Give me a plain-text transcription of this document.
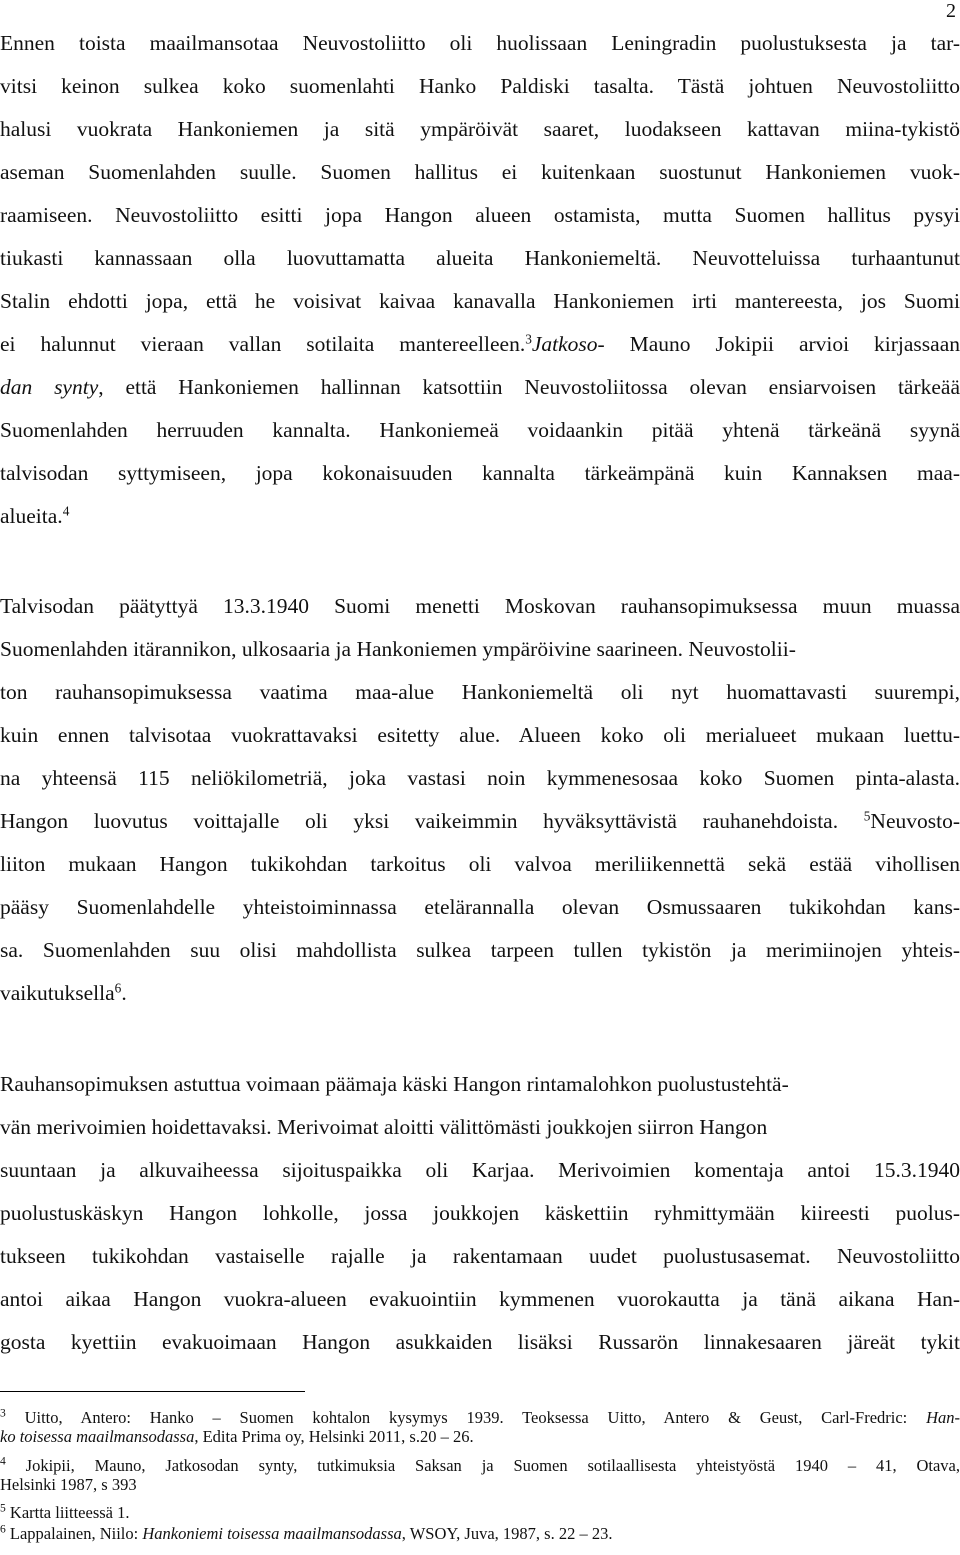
2
Ennen toista maailmansotaa Neuvostoliitto oli huolissaan Leningradin puolustuksesta ja tar-
vitsi keinon sulkea koko suomenlahti Hanko Paldiski tasalta. Tästä johtuen Neuvostoliitto
halusi vuokrata Hankoniemen ja sitä ympäröivät saaret, luodakseen kattavan miina-tykistö
aseman Suomenlahden suulle. Suomen hallitus ei kuitenkaan suostunut Hankoniemen vuok-
raamiseen. Neuvostoliitto esitti jopa Hangon alueen ostamista, mutta Suomen hallitus pysyi
tiukasti kannassaan olla luovuttamatta alueita Hankoniemeltä. Neuvotteluissa turhaantunut
Stalin ehdotti jopa, että he voisivat kaivaa kanavalla Hankoniemen irti mantereesta, jos Suomi
ei halunnut vieraan vallan sotilaita mantereelleen.$^3$Jatkoso- Mauno Jokipii arvioi kirjassaan
dan synty, että Hankoniemen hallinnan katsottiin Neuvostoliitossa olevan ensiarvoisen tärkeää
Suomenlahden herruuden kannalta. Hankoniemeä voidaankin pitää yhtenä tärkeänä syynä
talvisodan syttymiseen, jopa kokonaisuuden kannalta tärkeämpänä kuin Kannaksen maa-
alueita.$^4$
Talvisodan päätyttyä 13.3.1940 Suomi menetti Moskovan rauhansopimuksessa muun muassa
Suomenlahden itärannikon, ulkosaaria ja Hankoniemen ympäröivine saarineen. Neuvostolii-
ton rauhansopimuksessa vaatima maa-alue Hankoniemeltä oli nyt huomattavasti suurempi,
kuin ennen talvisotaa vuokrattavaksi esitetty alue. Alueen koko oli merialueet mukaan luettu-
na yhteensä 115 neliökilometriä, joka vastasi noin kymmenesosaa koko Suomen pinta-alasta.
Hangon luovutus voittajalle oli yksi vaikeimmin hyväksyttävistä rauhanehdoista. $^5$Neuvosto-
liiton mukaan Hangon tukikohdan tarkoitus oli valvoa meriliikennettä sekä estää vihollisen
pääsy Suomenlahdelle yhteistoiminnassa etelärannalla olevan Osmussaaren tukikohdan kans-
sa. Suomenlahden suu olisi mahdollista sulkea tarpeen tullen tykistön ja merimiinojen yhteis-
vaikutuksella$^6$.
Rauhansopimuksen astuttua voimaan päämaja käski Hangon rintamalohkon puolustustehtä-
vän merivoimien hoidettavaksi. Merivoimat aloitti välittömästi joukkojen siirron Hangon
suuntaan ja alkuvaiheessa sijoituspaikka oli Karjaa. Merivoimien komentaja antoi 15.3.1940
puolustuskäskyn Hangon lohkolle, jossa joukkojen käskettiin ryhmittymään kiireesti puolus-
tukseen tukikohdan vastaiselle rajalle ja rakentamaan uudet puolustusasemat. Neuvostoliitto
antoi aikaa Hangon vuokra-alueen evakuointiin kymmenen vuorokautta ja tänä aikana Han-
gosta kyettiin evakuoimaan Hangon asukkaiden lisäksi Russarön linnakesaaren järeät tykit
$^3$ Uitto, Antero: Hanko – Suomen kohtalon kysymys 1939. Teoksessa Uitto, Antero & Geust, Carl-Fredric: Han-
ko toisessa maailmansodassa, Edita Prima oy, Helsinki 2011, s.20 – 26.
$^4$ Jokipii, Mauno, Jatkosodan synty, tutkimuksia Saksan ja Suomen sotilaallisesta yhteistyöstä 1940 – 41, Otava,
Helsinki 1987, s 393
$^5$ Kartta liitteessä 1.
$^6$ Lappalainen, Niilo: Hankoniemi toisessa maailmansodassa, WSOY, Juva, 1987, s. 22 – 23.
